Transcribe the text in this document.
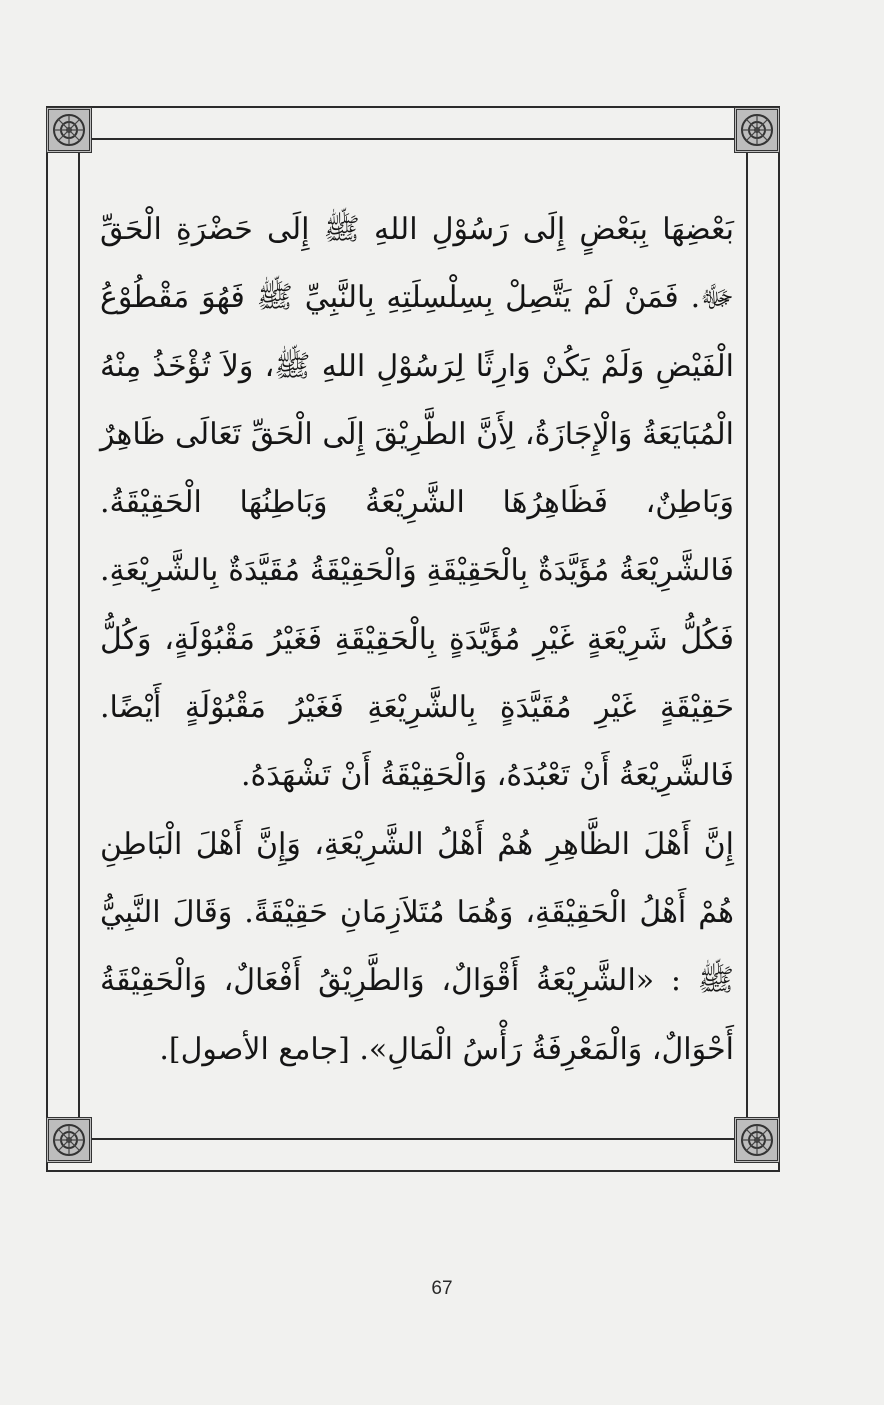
بَعْضِهَا بِبَعْضٍ إِلَى رَسُوْلِ اللهِ ﷺ إِلَى حَضْرَةِ الْحَقِّ ﷻ. فَمَنْ لَمْ يَتَّصِلْ بِسِلْسِلَتِهِ بِالنَّبِيِّ ﷺ فَهُوَ مَقْطُوْعُ الْفَيْضِ وَلَمْ يَكُنْ وَارِثًا لِرَسُوْلِ اللهِ ﷺ، وَلاَ تُؤْخَذُ مِنْهُ الْمُبَايَعَةُ وَالْإِجَازَةُ، لِأَنَّ الطَّرِيْقَ إِلَى الْحَقِّ تَعَالَى ظَاهِرٌ وَبَاطِنٌ، فَظَاهِرُهَا الشَّرِيْعَةُ وَبَاطِنُهَا الْحَقِيْقَةُ. فَالشَّرِيْعَةُ مُؤَيَّدَةٌ بِالْحَقِيْقَةِ وَالْحَقِيْقَةُ مُقَيَّدَةٌ بِالشَّرِيْعَةِ. فَكُلُّ شَرِيْعَةٍ غَيْرِ مُؤَيَّدَةٍ بِالْحَقِيْقَةِ فَغَيْرُ مَقْبُوْلَةٍ، وَكُلُّ حَقِيْقَةٍ غَيْرِ مُقَيَّدَةٍ بِالشَّرِيْعَةِ فَغَيْرُ مَقْبُوْلَةٍ أَيْضًا. فَالشَّرِيْعَةُ أَنْ تَعْبُدَهُ، وَالْحَقِيْقَةُ أَنْ تَشْهَدَهُ.

إِنَّ أَهْلَ الظَّاهِرِ هُمْ أَهْلُ الشَّرِيْعَةِ، وَإِنَّ أَهْلَ الْبَاطِنِ هُمْ أَهْلُ الْحَقِيْقَةِ، وَهُمَا مُتَلاَزِمَانِ حَقِيْقَةً. وَقَالَ النَّبِيُّ ﷺ : «الشَّرِيْعَةُ أَقْوَالٌ، وَالطَّرِيْقُ أَفْعَالٌ، وَالْحَقِيْقَةُ أَحْوَالٌ، وَالْمَعْرِفَةُ رَأْسُ الْمَالِ». [جامع الأصول].

67
